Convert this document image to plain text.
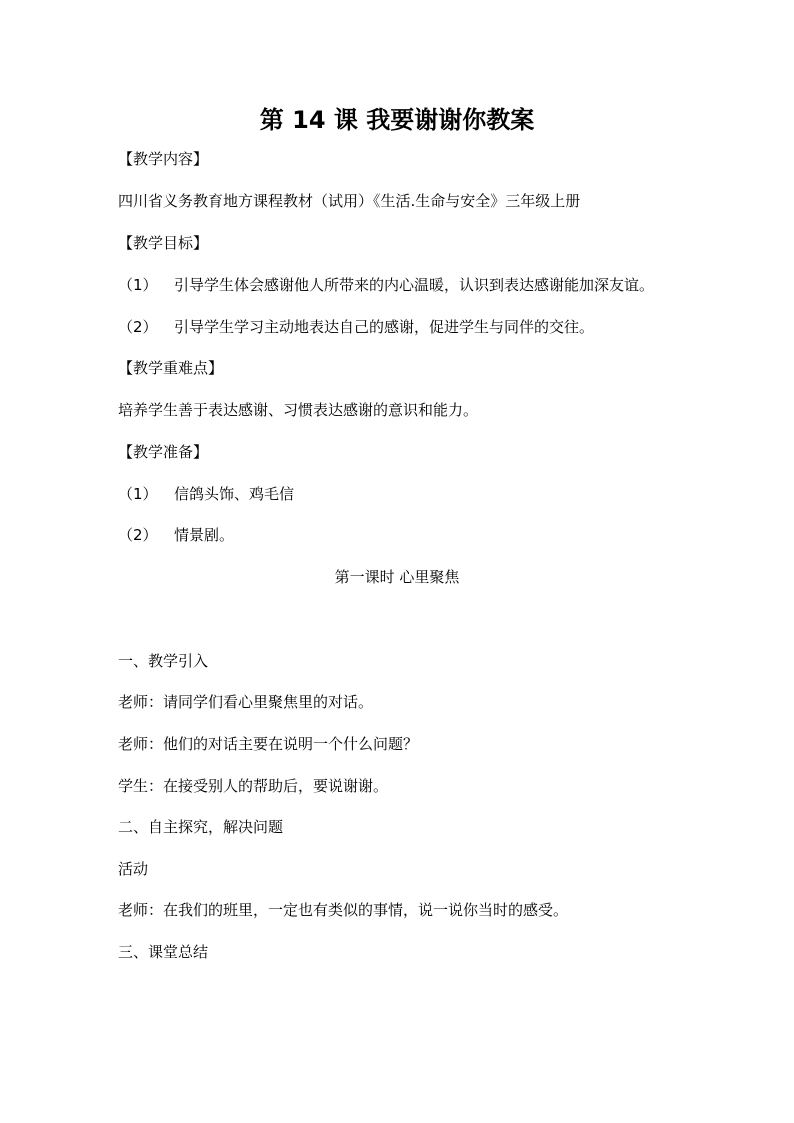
第 14 课 我要谢谢你教案
【教学内容】
四川省义务教育地方课程教材（试用）《生活.生命与安全》三年级上册
【教学目标】
（1） 引导学生体会感谢他人所带来的内心温暖，认识到表达感谢能加深友谊。
（2） 引导学生学习主动地表达自己的感谢，促进学生与同伴的交往。
【教学重难点】
培养学生善于表达感谢、习惯表达感谢的意识和能力。
【教学准备】
（1） 信鸽头饰、鸡毛信
（2） 情景剧。
第一课时 心里聚焦
一、教学引入
老师：请同学们看心里聚焦里的对话。
老师：他们的对话主要在说明一个什么问题？
学生：在接受别人的帮助后，要说谢谢。
二、自主探究，解决问题
活动
老师：在我们的班里，一定也有类似的事情，说一说你当时的感受。
三、课堂总结
